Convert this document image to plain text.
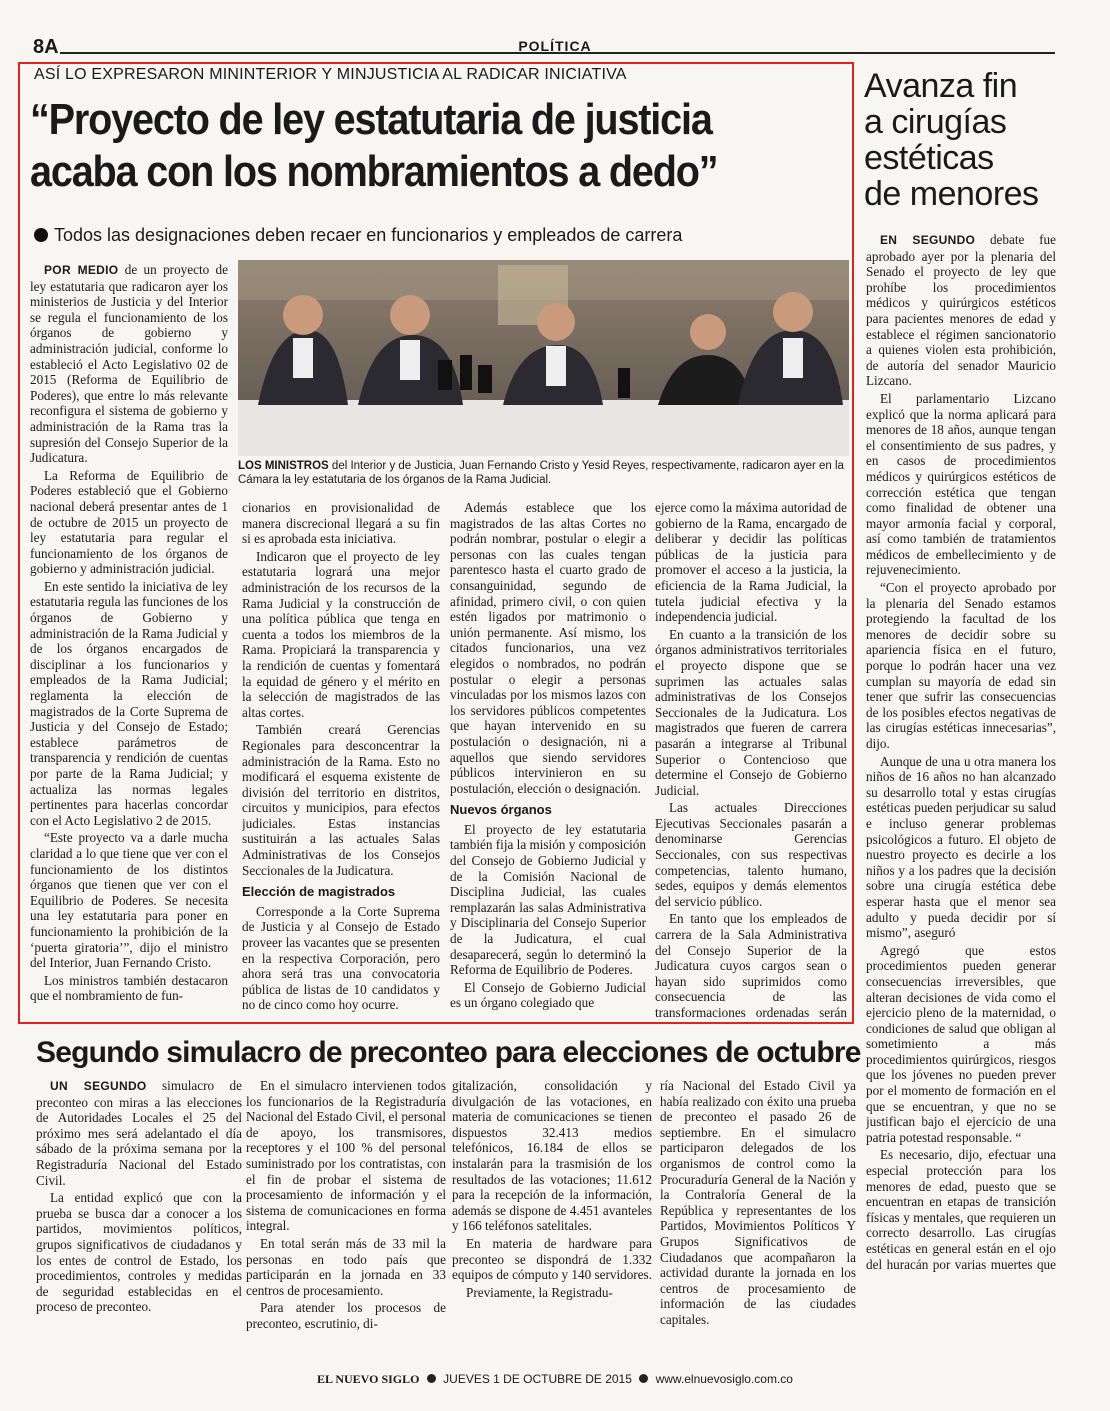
8A	POLÍTICA
ASÍ LO EXPRESARON MININTERIOR Y MINJUSTICIA AL RADICAR INICIATIVA
“Proyecto de ley estatutaria de justicia
acaba con los nombramientos a dedo”
Todos las designaciones deben recaer en funcionarios y empleados de carrera

POR MEDIO de un proyecto de ley estatutaria que radicaron ayer los ministerios de Justicia y del Interior se regula el funcionamiento de los órganos de gobierno y administración judicial, conforme lo estableció el Acto Legislativo 02 de 2015 (Reforma de Equilibrio de Poderes), que entre lo más relevante reconfigura el sistema de gobierno y administración de la Rama tras la supresión del Consejo Superior de la Judicatura.

La Reforma de Equilibrio de Poderes estableció que el Gobierno nacional deberá presentar antes de 1 de octubre de 2015 un proyecto de ley estatutaria para regular el funcionamiento de los órganos de gobierno y administración judicial.

En este sentido la iniciativa de ley estatutaria regula las funciones de los órganos de Gobierno y administración de la Rama Judicial y de los órganos encargados de disciplinar a los funcionarios y empleados de la Rama Judicial; reglamenta la elección de magistrados de la Corte Suprema de Justicia y del Consejo de Estado; establece parámetros de transparencia y rendición de cuentas por parte de la Rama Judicial; y actualiza las normas legales pertinentes para hacerlas concordar con el Acto Legislativo 2 de 2015.

“Este proyecto va a darle mucha claridad a lo que tiene que ver con el funcionamiento de los distintos órganos que tienen que ver con el Equilibrio de Poderes. Se necesita una ley estatutaria para poner en funcionamiento la prohibición de la ‘puerta giratoria’”, dijo el ministro del Interior, Juan Fernando Cristo.

Los ministros también destacaron que el nombramiento de fun-

LOS MINISTROS del Interior y de Justicia, Juan Fernando Cristo y Yesid Reyes, respectivamente, radicaron ayer en la Cámara la ley estatutaria de los órganos de la Rama Judicial.

cionarios en provisionalidad de manera discrecional llegará a su fin si es aprobada esta iniciativa.

Indicaron que el proyecto de ley estatutaria logrará una mejor administración de los recursos de la Rama Judicial y la construcción de una política pública que tenga en cuenta a todos los miembros de la Rama. Propiciará la transparencia y la rendición de cuentas y fomentará la equidad de género y el mérito en la selección de magistrados de las altas cortes.

También creará Gerencias Regionales para desconcentrar la administración de la Rama. Esto no modificará el esquema existente de división del territorio en distritos, circuitos y municipios, para efectos judiciales. Estas instancias sustituirán a las actuales Salas Administrativas de los Consejos Seccionales de la Judicatura.

Elección de magistrados

Corresponde a la Corte Suprema de Justicia y al Consejo de Estado proveer las vacantes que se presenten en la respectiva Corporación, pero ahora será tras una convocatoria pública de listas de 10 candidatos y no de cinco como hoy ocurre.

Además establece que los magistrados de las altas Cortes no podrán nombrar, postular o elegir a personas con las cuales tengan parentesco hasta el cuarto grado de consanguinidad, segundo de afinidad, primero civil, o con quien estén ligados por matrimonio o unión permanente. Así mismo, los citados funcionarios, una vez elegidos o nombrados, no podrán postular o elegir a personas vinculadas por los mismos lazos con los servidores públicos competentes que hayan intervenido en su postulación o designación, ni a aquellos que siendo servidores públicos intervinieron en su postulación, elección o designación.

Nuevos órganos

El proyecto de ley estatutaria también fija la misión y composición del Consejo de Gobierno Judicial y de la Comisión Nacional de Disciplina Judicial, las cuales remplazarán las salas Administrativa y Disciplinaria del Consejo Superior de la Judicatura, el cual desaparecerá, según lo determinó la Reforma de Equilibrio de Poderes.

El Consejo de Gobierno Judicial es un órgano colegiado que

ejerce como la máxima autoridad de gobierno de la Rama, encargado de deliberar y decidir las políticas públicas de la justicia para promover el acceso a la justicia, la eficiencia de la Rama Judicial, la tutela judicial efectiva y la independencia judicial.

En cuanto a la transición de los órganos administrativos territoriales el proyecto dispone que se suprimen las actuales salas administrativas de los Consejos Seccionales de la Judicatura. Los magistrados que fueren de carrera pasarán a integrarse al Tribunal Superior o Contencioso que determine el Consejo de Gobierno Judicial.

Las actuales Direcciones Ejecutivas Seccionales pasarán a denominarse Gerencias Seccionales, con sus respectivas competencias, talento humano, sedes, equipos y demás elementos del servicio público.

En tanto que los empleados de carrera de la Sala Administrativa del Consejo Superior de la Judicatura cuyos cargos sean o hayan sido suprimidos como consecuencia de las transformaciones ordenadas serán

Avanza fin
a cirugías
estéticas
de menores

EN SEGUNDO debate fue aprobado ayer por la plenaria del Senado el proyecto de ley que prohíbe los procedimientos médicos y quirúrgicos estéticos para pacientes menores de edad y establece el régimen sancionatorio a quienes violen esta prohibición, de autoría del senador Mauricio Lizcano.

El parlamentario Lizcano explicó que la norma aplicará para menores de 18 años, aunque tengan el consentimiento de sus padres, y en casos de procedimientos médicos y quirúrgicos estéticos de corrección estética que tengan como finalidad de obtener una mayor armonía facial y corporal, así como también de tratamientos médicos de embellecimiento y de rejuvenecimiento.

“Con el proyecto aprobado por la plenaria del Senado estamos protegiendo la facultad de los menores de decidir sobre su apariencia física en el futuro, porque lo podrán hacer una vez cumplan su mayoría de edad sin tener que sufrir las consecuencias de los posibles efectos negativas de las cirugías estéticas innecesarias”, dijo.

Aunque de una u otra manera los niños de 16 años no han alcanzado su desarrollo total y estas cirugías estéticas pueden perjudicar su salud e incluso generar problemas psicológicos a futuro. El objeto de nuestro proyecto es decirle a los niños y a los padres que la decisión sobre una cirugía estética debe esperar hasta que el menor sea adulto y pueda decidir por sí mismo”, aseguró

Agregó que estos procedimientos pueden generar consecuencias irreversibles, que alteran decisiones de vida como el ejercicio pleno de la maternidad, o condiciones de salud que obligan al sometimiento a más procedimientos quirúrgicos, riesgos que los jóvenes no pueden prever por el momento de formación en el que se encuentran, y que no se justifican bajo el ejercicio de una patria potestad responsable. “

Es necesario, dijo, efectuar una especial protección para los menores de edad, puesto que se encuentran en etapas de transición físicas y mentales, que requieren un correcto desarrollo. Las cirugías estéticas en general están en el ojo del huracán por varias muertes que

Segundo simulacro de preconteo para elecciones de octubre

UN SEGUNDO simulacro de preconteo con miras a las elecciones de Autoridades Locales el 25 del próximo mes será adelantado el día sábado de la próxima semana por la Registraduría Nacional del Estado Civil.

La entidad explicó que con la prueba se busca dar a conocer a los partidos, movimientos políticos, grupos significativos de ciudadanos y los entes de control de Estado, los procedimientos, controles y medidas de seguridad establecidas en el proceso de preconteo.

En el simulacro intervienen todos los funcionarios de la Registraduría Nacional del Estado Civil, el personal de apoyo, los transmisores, receptores y el 100 % del personal suministrado por los contratistas, con el fin de probar el sistema de procesamiento de información y el sistema de comunicaciones en forma integral.

En total serán más de 33 mil la personas en todo país que participarán en la jornada en 33 centros de procesamiento.

Para atender los procesos de preconteo, escrutinio, di-

gitalización, consolidación y divulgación de las votaciones, en materia de comunicaciones se tienen dispuestos 32.413 medios telefónicos, 16.184 de ellos se instalarán para la trasmisión de los resultados de las votaciones; 11.612 para la recepción de la información, además se dispone de 4.451 avanteles y 166 teléfonos satelitales.

En materia de hardware para preconteo se dispondrá de 1.332 equipos de cómputo y 140 servidores.

Previamente, la Registradu-

ría Nacional del Estado Civil ya había realizado con éxito una prueba de preconteo el pasado 26 de septiembre. En el simulacro participaron delegados de los organismos de control como la Procuraduría General de la Nación y la Contraloría General de la República y representantes de los Partidos, Movimientos Políticos Y Grupos Significativos de Ciudadanos que acompañaron la actividad durante la jornada en los centros de procesamiento de información de las ciudades capitales.

EL NUEVO SIGLO JUEVES 1 DE OCTUBRE DE 2015 www.elnuevosiglo.com.co
